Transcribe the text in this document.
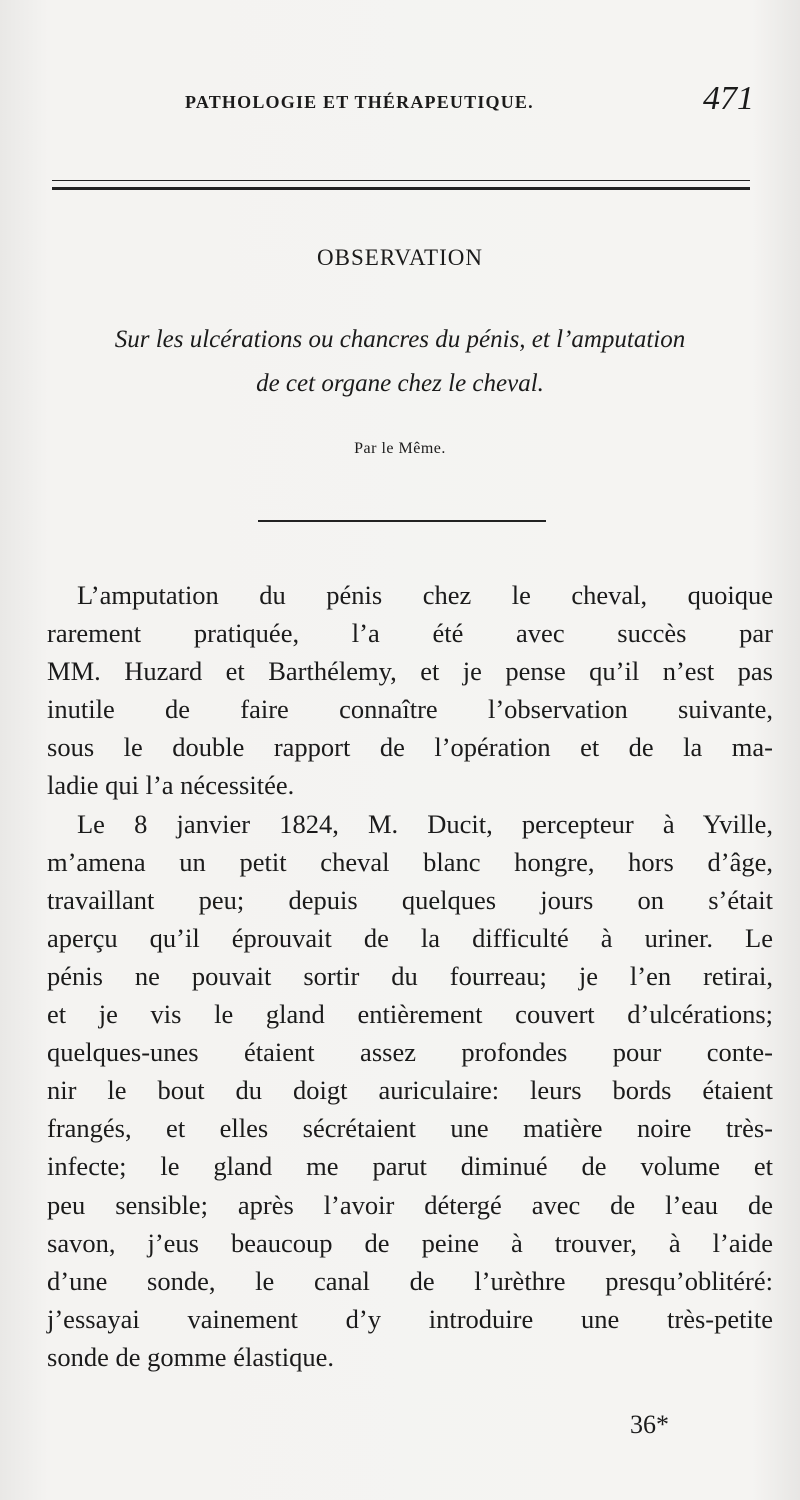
PATHOLOGIE ET THÉRAPEUTIQUE.	471
OBSERVATION
Sur les ulcérations ou chancres du pénis, et l’amputation
de cet organe chez le cheval.
Par le Même.
L’amputation du pénis chez le cheval, quoique
rarement pratiquée, l’a été avec succès par
MM. Huzard et Barthélemy, et je pense qu’il n’est pas
inutile de faire connaître l’observation suivante,
sous le double rapport de l’opération et de la ma-
ladie qui l’a nécessitée.
Le 8 janvier 1824, M. Ducit, percepteur à Yville,
m’amena un petit cheval blanc hongre, hors d’âge,
travaillant peu; depuis quelques jours on s’était
aperçu qu’il éprouvait de la difficulté à uriner. Le
pénis ne pouvait sortir du fourreau; je l’en retirai,
et je vis le gland entièrement couvert d’ulcérations;
quelques-unes étaient assez profondes pour conte-
nir le bout du doigt auriculaire: leurs bords étaient
frangés, et elles sécrétaient une matière noire très-
infecte; le gland me parut diminué de volume et
peu sensible; après l’avoir détergé avec de l’eau de
savon, j’eus beaucoup de peine à trouver, à l’aide
d’une sonde, le canal de l’urèthre presqu’oblitéré:
j’essayai vainement d’y introduire une très-petite
sonde de gomme élastique.
36*
